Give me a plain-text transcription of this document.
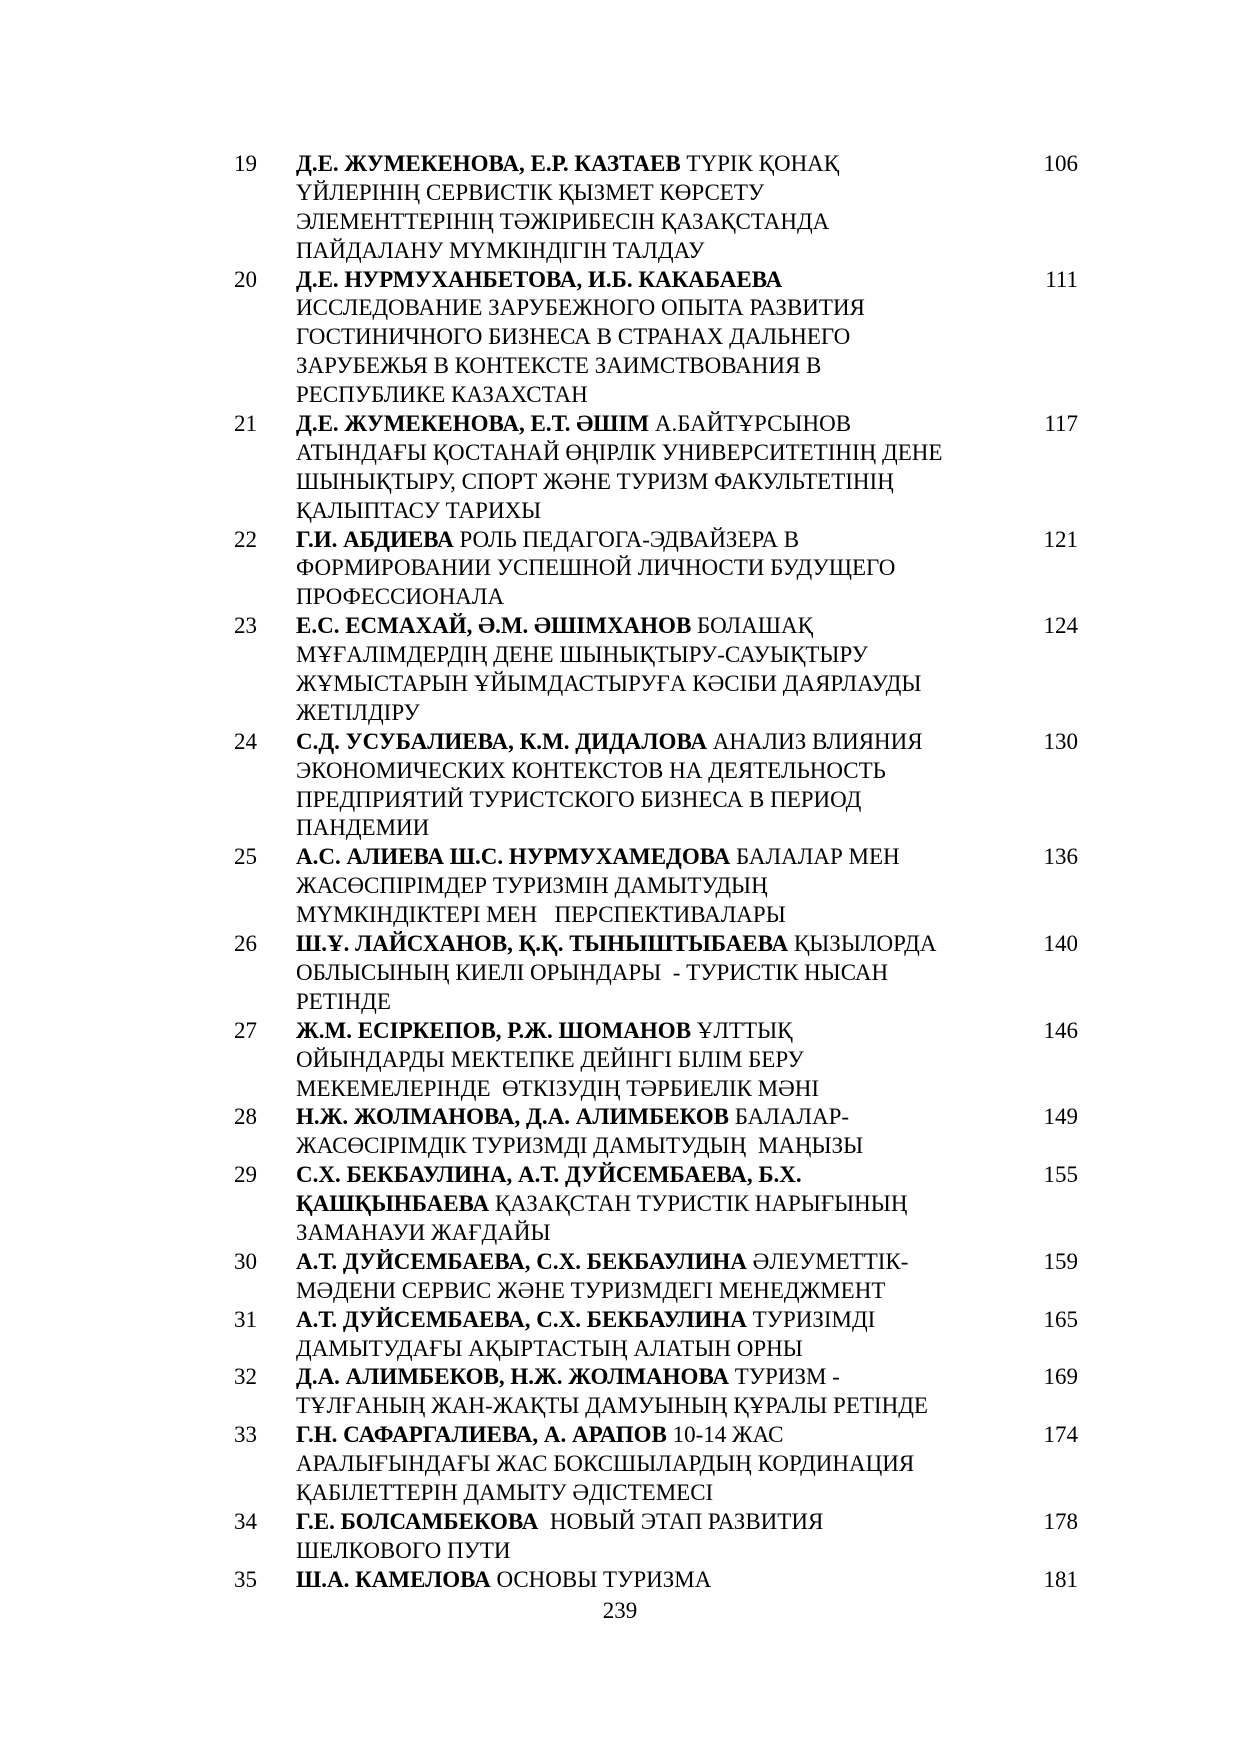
19 Д.Е. ЖУМЕКЕНОВА, Е.Р. КАЗТАЕВ ТҮРІК ҚОНАҚ
ҮЙЛЕРІНІҢ СЕРВИСТІК ҚЫЗМЕТ КӨРСЕТУ
ЭЛЕМЕНТТЕРІНІҢ ТӘЖІРИБЕСІН ҚАЗАҚСТАНДА
ПАЙДАЛАНУ МҮМКІНДІГІН ТАЛДАУ
106
20 Д.Е. НУРМУХАНБЕТОВА, И.Б. КАКАБАЕВА
ИССЛЕДОВАНИЕ ЗАРУБЕЖНОГО ОПЫТА РАЗВИТИЯ
ГОСТИНИЧНОГО БИЗНЕСА В СТРАНАХ ДАЛЬНЕГО
ЗАРУБЕЖЬЯ В КОНТЕКСТЕ ЗАИМСТВОВАНИЯ В
РЕСПУБЛИКЕ КАЗАХСТАН
111
21 Д.Е. ЖУМЕКЕНОВА, Е.Т. ӘШІМ А.БАЙТҰРСЫНОВ
АТЫНДАҒЫ ҚОСТАНАЙ ӨҢІРЛІК УНИВЕРСИТЕТІНІҢ ДЕНЕ
ШЫНЫҚТЫРУ, СПОРТ ЖӘНЕ ТУРИЗМ ФАКУЛЬТЕТІНІҢ
ҚАЛЫПТАСУ ТАРИХЫ
117
22 Г.И. АБДИЕВА РОЛЬ ПЕДАГОГА-ЭДВАЙЗЕРА В
ФОРМИРОВАНИИ УСПЕШНОЙ ЛИЧНОСТИ БУДУЩЕГО
ПРОФЕССИОНАЛА
121
23 Е.С. ЕСМАХАЙ, Ә.М. ӘШІМХАНОВ БОЛАШАҚ
МҰҒАЛІМДЕРДІҢ ДЕНЕ ШЫНЫҚТЫРУ-САУЫҚТЫРУ
ЖҰМЫСТАРЫН ҰЙЫМДАСТЫРУҒА КӘСІБИ ДАЯРЛАУДЫ
ЖЕТІЛДІРУ
124
24 С.Д. УСУБАЛИЕВА, К.М. ДИДАЛОВА АНАЛИЗ ВЛИЯНИЯ
ЭКОНОМИЧЕСКИХ КОНТЕКСТОВ НА ДЕЯТЕЛЬНОСТЬ
ПРЕДПРИЯТИЙ ТУРИСТСКОГО БИЗНЕСА В ПЕРИОД
ПАНДЕМИИ
130
25 А.С. АЛИЕВА Ш.С. НУРМУХАМЕДОВА БАЛАЛАР МЕН
ЖАСӨСПІРІМДЕР ТУРИЗМІН ДАМЫТУДЫҢ
МҮМКІНДІКТЕРІ МЕН   ПЕРСПЕКТИВАЛАРЫ
136
26 Ш.Ұ. ЛАЙСХАНОВ, Қ.Қ. ТЫНЫШТЫБАЕВА ҚЫЗЫЛОРДА
ОБЛЫСЫНЫҢ КИЕЛІ ОРЫНДАРЫ  - ТУРИСТІК НЫСАН
РЕТІНДЕ
140
27 Ж.М. ЕСІРКЕПОВ, Р.Ж. ШОМАНОВ ҰЛТТЫҚ
ОЙЫНДАРДЫ МЕКТЕПКЕ ДЕЙІНГІ БІЛІМ БЕРУ
МЕКЕМЕЛЕРІНДЕ  ӨТКІЗУДІҢ ТӘРБИЕЛІК МӘНІ
146
28 Н.Ж. ЖОЛМАНОВА, Д.А. АЛИМБЕКОВ БАЛАЛАР-
ЖАСӨСІРІМДІК ТУРИЗМДІ ДАМЫТУДЫҢ  МАҢЫЗЫ
149
29 С.Х. БЕКБАУЛИНА, А.Т. ДУЙСЕМБАЕВА, Б.Х.
ҚАШҚЫНБАЕВА ҚАЗАҚСТАН ТУРИСТІК НАРЫҒЫНЫҢ
ЗАМАНАУИ ЖАҒДАЙЫ
155
30 А.Т. ДУЙСЕМБАЕВА, С.Х. БЕКБАУЛИНА ӘЛЕУМЕТТІК-
МӘДЕНИ СЕРВИС ЖӘНЕ ТУРИЗМДЕГІ МЕНЕДЖМЕНТ
159
31 А.Т. ДУЙСЕМБАЕВА, С.Х. БЕКБАУЛИНА ТУРИЗІМДІ
ДАМЫТУДАҒЫ АҚЫРТАСТЫҢ АЛАТЫН ОРНЫ
165
32 Д.А. АЛИМБЕКОВ, Н.Ж. ЖОЛМАНОВА ТУРИЗМ -
ТҰЛҒАНЫҢ ЖАН-ЖАҚТЫ ДАМУЫНЫҢ ҚҰРАЛЫ РЕТІНДЕ
169
33 Г.Н. САФАРГАЛИЕВА, А. АРАПОВ 10-14 ЖАС
АРАЛЫҒЫНДАҒЫ ЖАС БОКСШЫЛАРДЫҢ КОРДИНАЦИЯ
ҚАБІЛЕТТЕРІН ДАМЫТУ ӘДІСТЕМЕСІ
174
34 Г.Е. БОЛСАМБЕКОВА  НОВЫЙ ЭТАП РАЗВИТИЯ
ШЕЛКОВОГО ПУТИ
178
35 Ш.А. КАМЕЛОВА ОСНОВЫ ТУРИЗМА	181
239
